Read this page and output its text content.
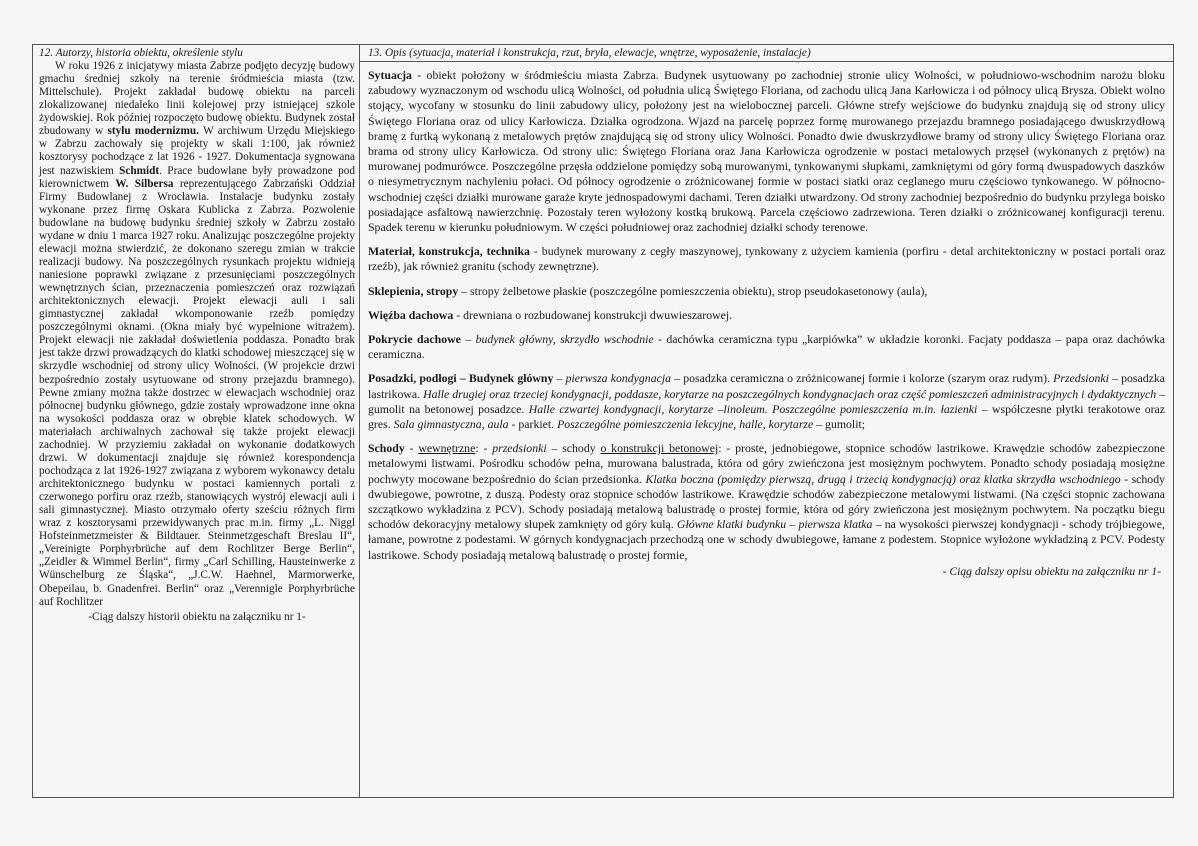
12. Autorzy, historia obiektu, określenie stylu

W roku 1926 z inicjatywy miasta Zabrze podjęto decyzję budowy gmachu średniej szkoły na terenie śródmieścia miasta (tzw. Mittelschule). Projekt zakładał budowę obiektu na parceli zlokalizowanej niedaleko linii kolejowej przy istniejącej szkole żydowskiej. Rok później rozpoczęto budowę obiektu. Budynek został zbudowany w stylu modernizmu. W archiwum Urzędu Miejskiego w Zabrzu zachowały się projekty w skali 1:100, jak również kosztorysy pochodzące z lat 1926 - 1927. Dokumentacja sygnowana jest nazwiskiem Schmidt. Prace budowlane były prowadzone pod kierownictwem W. Silbersa reprezentującego Zabrzański Oddział Firmy Budowlanej z Wrocławia. Instalacje budynku zostały wykonane przez firmę Oskara Kublicka z Zabrza. Pozwolenie budowlane na budowę budynku średniej szkoły w Zabrzu zostało wydane w dniu 1 marca 1927 roku. Analizując poszczególne projekty elewacji można stwierdzić, że dokonano szeregu zmian w trakcie realizacji budowy. Na poszczególnych rysunkach projektu widnieją naniesione poprawki związane z przesunięciami poszczególnych wewnętrznych ścian, przeznaczenia pomieszczeń oraz rozwiązań architektonicznych elewacji. Projekt elewacji auli i sali gimnastycznej zakładał wkomponowanie rzeźb pomiędzy poszczególnymi oknami. (Okna miały być wypełnione witrażem). Projekt elewacji nie zakładał doświetlenia poddasza. Ponadto brak jest także drzwi prowadzących do klatki schodowej mieszczącej się w skrzydle wschodniej od strony ulicy Wolności. (W projekcie drzwi bezpośrednio zostały usytuowane od strony przejazdu bramnego). Pewne zmiany można także dostrzec w elewacjach wschodniej oraz północnej budynku głównego, gdzie zostały wprowadzone inne okna na wysokości poddasza oraz w obrębie klatek schodowych. W materiałach archiwalnych zachował się także projekt elewacji zachodniej. W przyziemiu zakładał on wykonanie dodatkowych drzwi. W dokumentacji znajduje się również korespondencja pochodząca z lat 1926-1927 związana z wyborem wykonawcy detalu architektonicznego budynku w postaci kamiennych portali z czerwonego porfiru oraz rzeźb, stanowiących wystrój elewacji auli i sali gimnastycznej. Miasto otrzymało oferty sześciu różnych firm wraz z kosztorysami przewidywanych prac m.in. firmy „L. Niggl Hofsteinmetzmeister & Bildtauer. Steinmetzgeschaft Breslau II“, „Vereinigte Porphyrbrüche auf dem Rochlitzer Berge Berlin“, „Zeidler & Wimmel Berlin“, firmy „Carl Schilling, Hausteinwerke z Wünschelburg ze Śląska“, „J.C.W. Haehnel, Marmorwerke, Obepeilau, b. Gnadenfrei. Berlin“ oraz „Verennigle Porphyrbrüche auf Rochlitzer

-Ciąg dalszy historii obiektu na załączniku nr 1-
13. Opis (sytuacja, materiał i konstrukcja, rzut, bryła, elewacje, wnętrze, wyposażenie, instalacje)

Sytuacja - obiekt położony w śródmieściu miasta Zabrza. Budynek usytuowany po zachodniej stronie ulicy Wolności, w południowo-wschodnim narożu bloku zabudowy wyznaczonym od wschodu ulicą Wolności, od południa ulicą Świętego Floriana, od zachodu ulicą Jana Karłowicza i od północy ulicą Brysza. Obiekt wolno stojący, wycofany w stosunku do linii zabudowy ulicy, położony jest na wielobocznej parceli. Główne strefy wejściowe do budynku znajdują się od strony ulicy Świętego Floriana oraz od ulicy Karłowicza. Działka ogrodzona. Wjazd na parcelę poprzez formę murowanego przejazdu bramnego posiadającego dwuskrzydłową bramę z furtką wykonaną z metalowych prętów znajdującą się od strony ulicy Wolności. Ponadto dwie dwuskrzydłowe bramy od strony ulicy Świętego Floriana oraz brama od strony ulicy Karłowicza. Od strony ulic: Świętego Floriana oraz Jana Karłowicza ogrodzenie w postaci metalowych przęseł (wykonanych z prętów) na murowanej podmurówce. Poszczególne przęsła oddzielone pomiędzy sobą murowanymi, tynkowanymi słupkami, zamkniętymi od góry formą dwuspadowych daszków o niesymetrycznym nachyleniu połaci. Od północy ogrodzenie o zróżnicowanej formie w postaci siatki oraz ceglanego muru częściowo tynkowanego. W północno-wschodniej części działki murowane garaże kryte jednospadowymi dachami. Teren działki utwardzony. Od strony zachodniej bezpośrednio do budynku przylega boisko posiadające asfaltową nawierzchnię. Pozostały teren wyłożony kostką brukową. Parcela częściowo zadrzewiona. Teren działki o zróżnicowanej konfiguracji terenu. Spadek terenu w kierunku południowym. W części południowej oraz zachodniej działki schody terenowe.

Materiał, konstrukcja, technika - budynek murowany z cegły maszynowej, tynkowany z użyciem kamienia (porfiru - detal architektoniczny w postaci portali oraz rzeźb), jak również granitu (schody zewnętrzne).

Sklepienia, stropy – stropy żelbetowe płaskie (poszczególne pomieszczenia obiektu), strop pseudokasetonowy (aula),

Więźba dachowa - drewniana o rozbudowanej konstrukcji dwuwieszarowej.

Pokrycie dachowe – budynek główny, skrzydło wschodnie - dachówka ceramiczna typu „karpiówka” w układzie koronki. Facjaty poddasza – papa oraz dachówka ceramiczna.

Posadzki, podłogi – Budynek główny – pierwsza kondygnacja – posadzka ceramiczna o zróżnicowanej formie i kolorze (szarym oraz rudym). Przedsionki – posadzka lastrikowa. Halle drugiej oraz trzeciej kondygnacji, poddasze, korytarze na poszczególnych kondygnacjach oraz część pomieszczeń administracyjnych i dydaktycznych – gumolit na betonowej posadzce. Halle czwartej kondygnacji, korytarze –linoleum. Poszczególne pomieszczenia m.in. łazienki – współczesne płytki terakotowe oraz gres. Sala gimnastyczna, aula - parkiet. Poszczególne pomieszczenia lekcyjne, halle, korytarze – gumolit;

Schody - wewnętrzne: - przedsionki – schody o konstrukcji betonowej: - proste, jednobiegowe, stopnice schodów lastrikowe. Krawędzie schodów zabezpieczone metalowymi listwami. Pośrodku schodów pełna, murowana balustrada, która od góry zwieńczona jest mosiężnym pochwytem. Ponadto schody posiadają mosiężne pochwyty mocowane bezpośrednio do ścian przedsionka. Klatka boczna (pomiędzy pierwszą, drugą i trzecią kondygnacją) oraz klatka skrzydła wschodniego - schody dwubiegowe, powrotne, z duszą. Podesty oraz stopnice schodów lastrikowe. Krawędzie schodów zabezpieczone metalowymi listwami. (Na części stopnic zachowana szczątkowo wykładzina z PCV). Schody posiadają metalową balustradę o prostej formie, która od góry zwieńczona jest mosiężnym pochwytem. Na początku biegu schodów dekoracyjny metalowy słupek zamknięty od góry kulą. Główne klatki budynku – pierwsza klatka – na wysokości pierwszej kondygnacji - schody trójbiegowe, łamane, powrotne z podestami. W górnych kondygnacjach przechodzą one w schody dwubiegowe, łamane z podestem. Stopnice wyłożone wykładziną z PCV. Podesty lastrikowe. Schody posiadają metalową balustradę o prostej formie,

- Ciąg dalszy opisu obiektu na załączniku nr 1-
